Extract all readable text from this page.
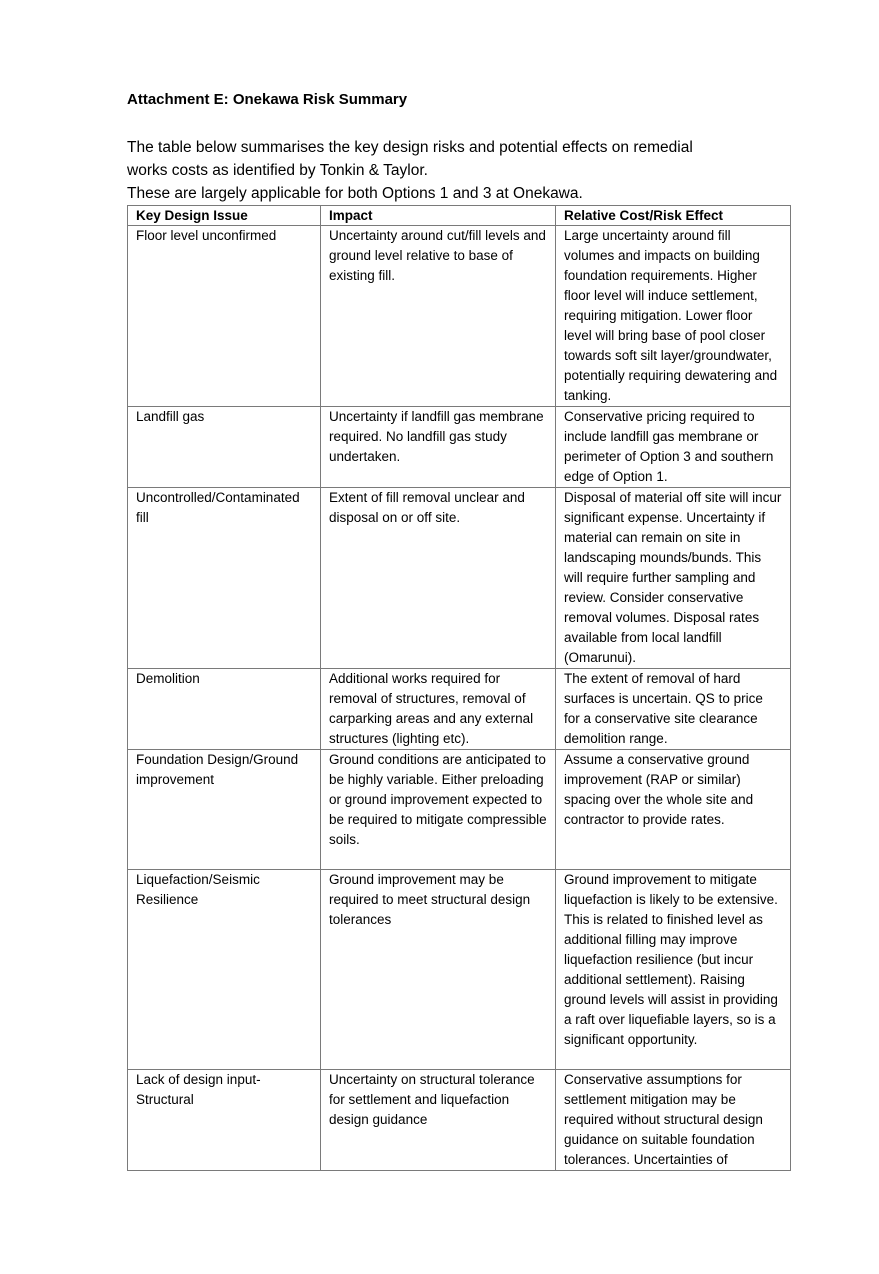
Attachment E: Onekawa Risk Summary

The table below summarises the key design risks and potential effects on remedial

works costs as identified by Tonkin & Taylor.

These are largely applicable for both Options 1 and 3 at Onekawa.

Key Design Issue	Impact	Relative Cost/Risk Effect
Floor level unconfirmed	Uncertainty around cut/fill levels and ground level relative to base of existing fill.	Large uncertainty around fill volumes and impacts on building foundation requirements. Higher floor level will induce settlement, requiring mitigation. Lower floor level will bring base of pool closer towards soft silt layer/groundwater, potentially requiring dewatering and tanking.
Landfill gas	Uncertainty if landfill gas membrane required. No landfill gas study undertaken.	Conservative pricing required to include landfill gas membrane or perimeter of Option 3 and southern edge of Option 1.
Uncontrolled/Contaminated fill	Extent of fill removal unclear and disposal on or off site.	Disposal of material off site will incur significant expense. Uncertainty if material can remain on site in landscaping mounds/bunds. This will require further sampling and review. Consider conservative removal volumes. Disposal rates available from local landfill (Omarunui).
Demolition	Additional works required for removal of structures, removal of carparking areas and any external structures (lighting etc).	The extent of removal of hard surfaces is uncertain. QS to price for a conservative site clearance demolition range.
Foundation Design/Ground improvement	Ground conditions are anticipated to be highly variable. Either preloading or ground improvement expected to be required to mitigate compressible soils.	Assume a conservative ground improvement (RAP or similar) spacing over the whole site and contractor to provide rates.
Liquefaction/Seismic Resilience	Ground improvement may be required to meet structural design tolerances	Ground improvement to mitigate liquefaction is likely to be extensive. This is related to finished level as additional filling may improve liquefaction resilience (but incur additional settlement). Raising ground levels will assist in providing a raft over liquefiable layers, so is a significant opportunity.
Lack of design input-Structural	Uncertainty on structural tolerance for settlement and liquefaction design guidance	Conservative assumptions for settlement mitigation may be required without structural design guidance on suitable foundation tolerances. Uncertainties of
